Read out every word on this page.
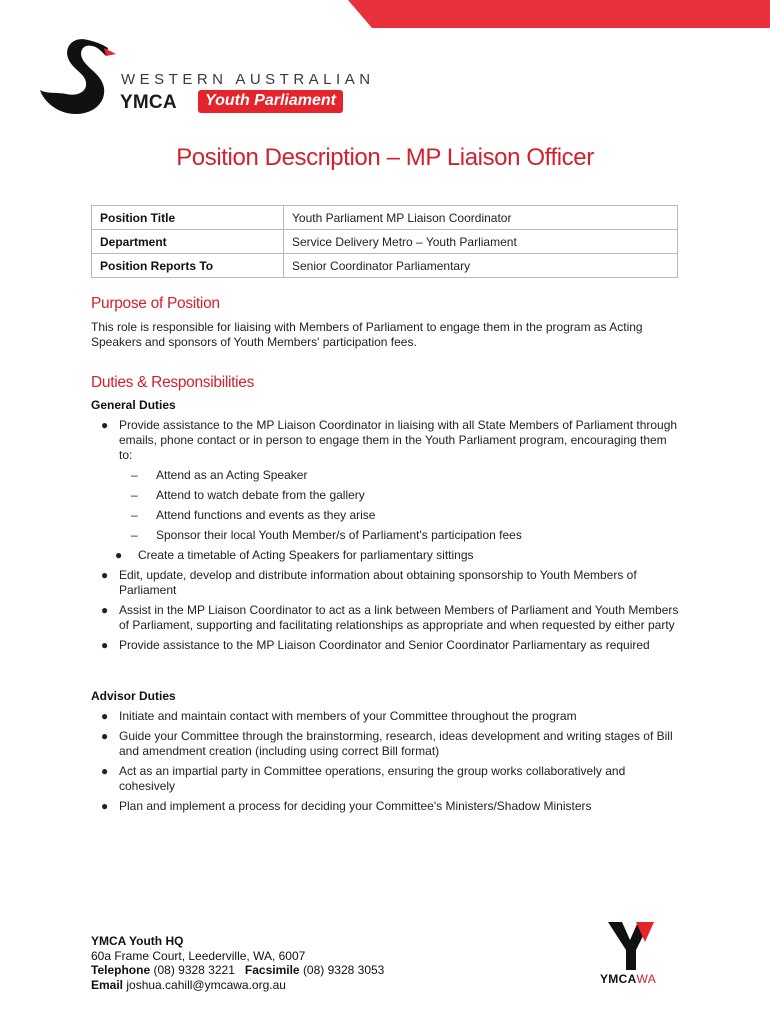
WESTERN AUSTRALIAN
YMCA	Youth Parliament
Position Description – MP Liaison Officer
Position Title	Youth Parliament MP Liaison Coordinator
Department	Service Delivery Metro – Youth Parliament
Position Reports To	Senior Coordinator Parliamentary
Purpose of Position
This role is responsible for liaising with Members of Parliament to engage them in the program as Acting Speakers and sponsors of Youth Members' participation fees.
Duties & Responsibilities
General Duties
● Provide assistance to the MP Liaison Coordinator in liaising with all State Members of Parliament through emails, phone contact or in person to engage them in the Youth Parliament program, encouraging them to:
– Attend as an Acting Speaker
– Attend to watch debate from the gallery
– Attend functions and events as they arise
– Sponsor their local Youth Member/s of Parliament's participation fees
● Create a timetable of Acting Speakers for parliamentary sittings
● Edit, update, develop and distribute information about obtaining sponsorship to Youth Members of Parliament
● Assist in the MP Liaison Coordinator to act as a link between Members of Parliament and Youth Members of Parliament, supporting and facilitating relationships as appropriate and when requested by either party
● Provide assistance to the MP Liaison Coordinator and Senior Coordinator Parliamentary as required
Advisor Duties
● Initiate and maintain contact with members of your Committee throughout the program
● Guide your Committee through the brainstorming, research, ideas development and writing stages of Bill and amendment creation (including using correct Bill format)
● Act as an impartial party in Committee operations, ensuring the group works collaboratively and cohesively
● Plan and implement a process for deciding your Committee's Ministers/Shadow Ministers
YMCA Youth HQ
60a Frame Court, Leederville, WA, 6007
Telephone (08) 9328 3221 Facsimile (08) 9328 3053
Email joshua.cahill@ymcawa.org.au	YMCAWA
